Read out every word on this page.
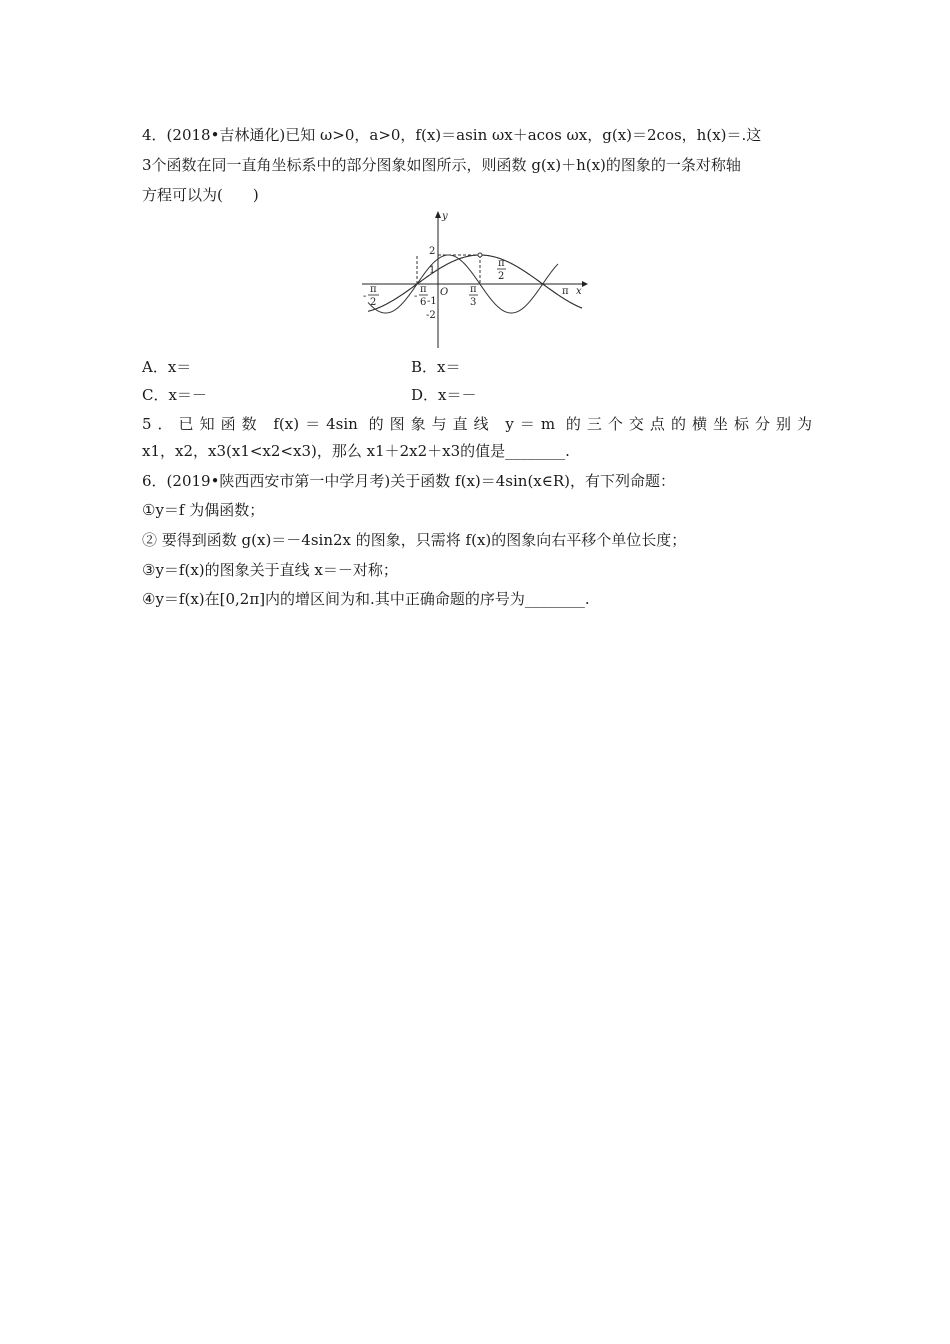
4．(2018•吉林通化)已知 ω>0，a>0，f(x)＝asin ωx＋acos ωx，g(x)＝2cos，h(x)＝.这
3个函数在同一直角坐标系中的部分图象如图所示，则函数 g(x)＋h(x)的图象的一条对称轴
方程可以为(　　)
y
x
O
2
1
-1
-2
-
π
2
-
π
6
π
3
π
2
π
A．x＝	B．x＝
C．x＝－	D．x＝－
5．已知函数 f(x)＝4sin 的图象与直线 y＝m 的三个交点的横坐标分别为
x1，x2，x3(x1<x2<x3)，那么 x1＋2x2＋x3的值是________.
6．(2019•陕西西安市第一中学月考)关于函数 f(x)＝4sin(x∈R)，有下列命题：
①y＝f 为偶函数；
② 要得到函数 g(x)＝－4sin2x 的图象，只需将 f(x)的图象向右平移个单位长度；
③y＝f(x)的图象关于直线 x＝－对称；
④y＝f(x)在[0,2π]内的增区间为和.其中正确命题的序号为________.
